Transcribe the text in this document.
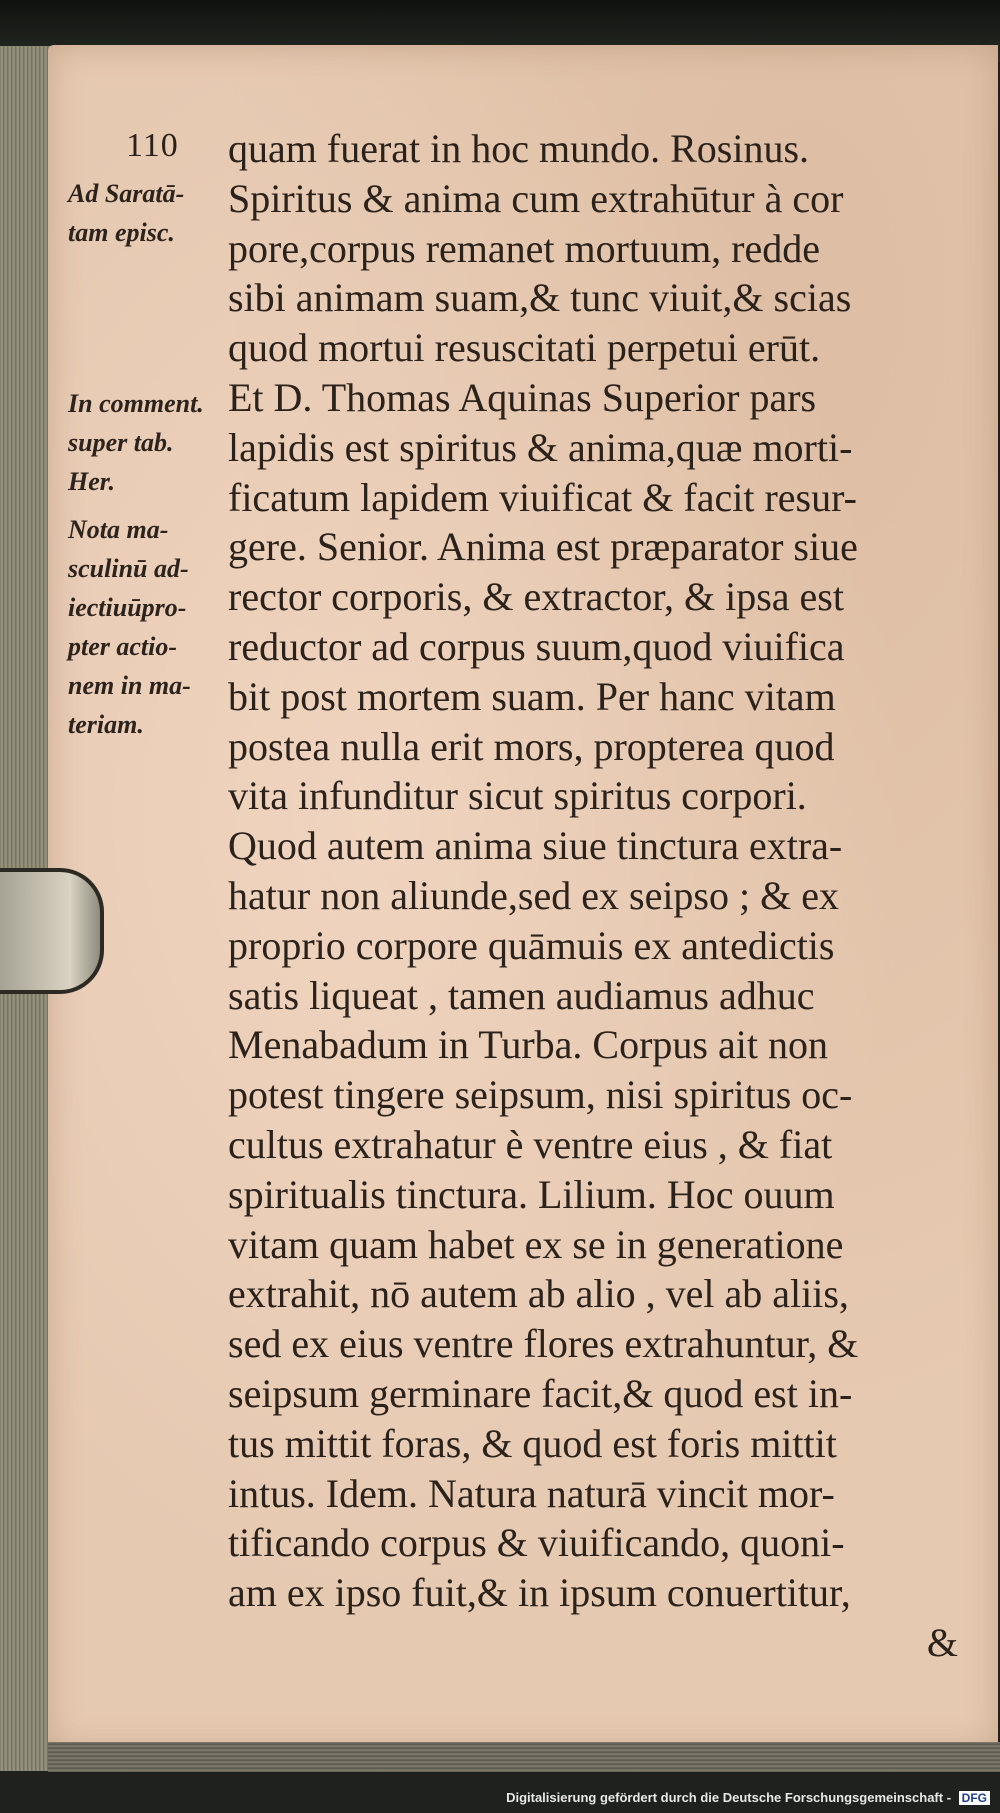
110
Ad Saratā-
tam episc.
In comment.
super tab.
Her.
Nota ma-
sculinū ad-
iectiuūpro-
pter actio-
nem in ma-
teriam.
quam fuerat in hoc mundo. Rosinus.
Spiritus & anima cum extrahūtur à cor
pore,corpus remanet mortuum, redde
sibi animam suam,& tunc viuit,& scias
quod mortui resuscitati perpetui erūt.
Et D. Thomas Aquinas Superior pars
lapidis est spiritus & anima,quæ morti-
ficatum lapidem viuificat & facit resur-
gere. Senior. Anima est præparator siue
rector corporis, & extractor, & ipsa est
reductor ad corpus suum,quod viuifica
bit post mortem suam. Per hanc vitam
postea nulla erit mors, propterea quod
vita infunditur sicut spiritus corpori.
Quod autem anima siue tinctura extra-
hatur non aliunde,sed ex seipso ; & ex
proprio corpore quāmuis ex antedictis
satis liqueat , tamen audiamus adhuc
Menabadum in Turba. Corpus ait non
potest tingere seipsum, nisi spiritus oc-
cultus extrahatur è ventre eius , & fiat
spiritualis tinctura. Lilium. Hoc ouum
vitam quam habet ex se in generatione
extrahit, nō autem ab alio , vel ab aliis,
sed ex eius ventre flores extrahuntur, &
seipsum germinare facit,& quod est in-
tus mittit foras, & quod est foris mittit
intus. Idem. Natura naturā vincit mor-
tificando corpus & viuificando, quoni-
am ex ipso fuit,& in ipsum conuertitur,
&
Digitalisierung gefördert durch die Deutsche Forschungsgemeinschaft - DFG
